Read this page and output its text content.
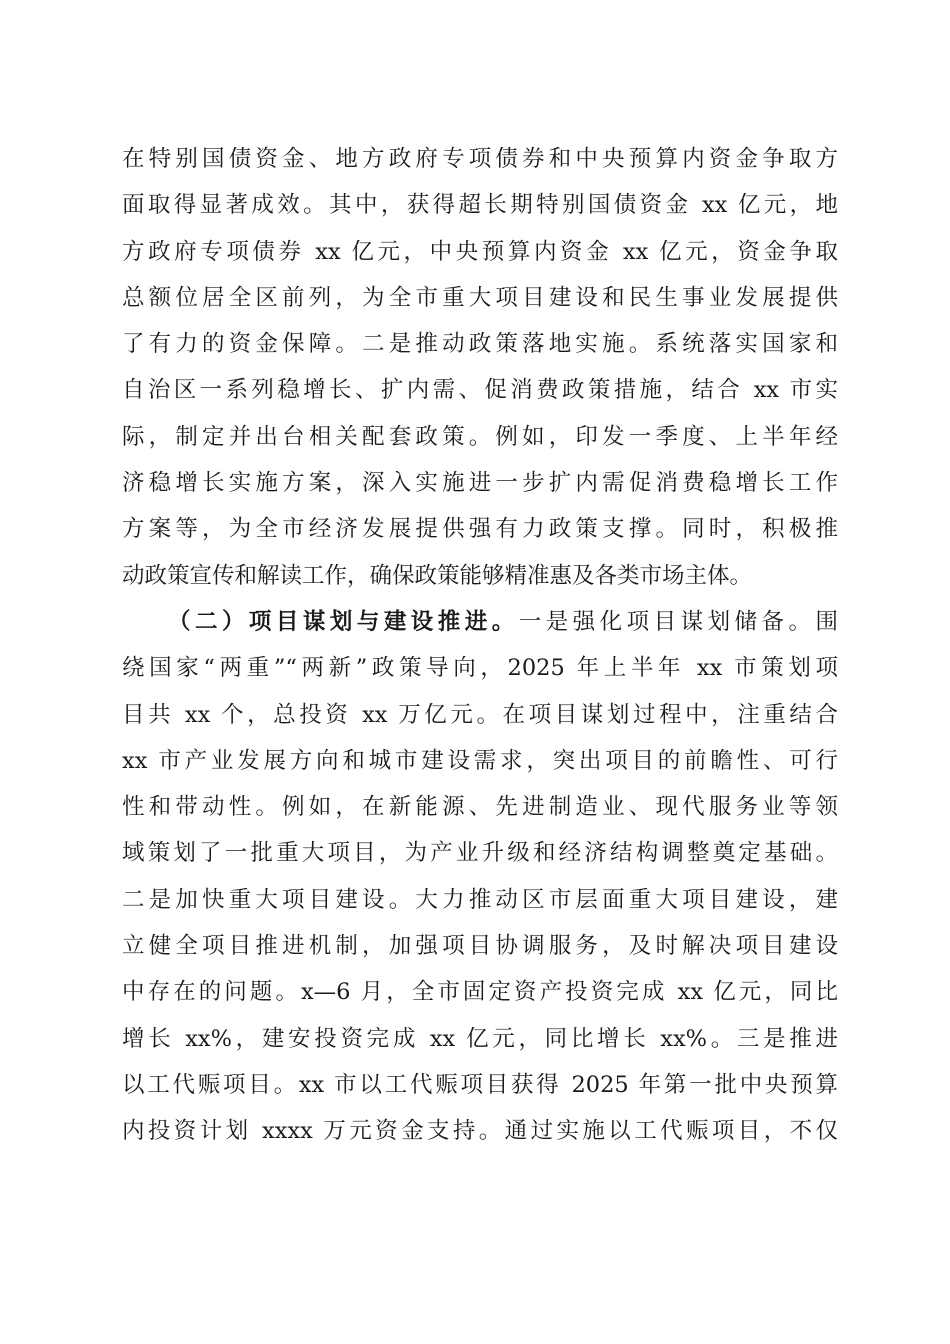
在特别国债资金、地方政府专项债券和中央预算内资金争取方
面取得显著成效。其中，获得超长期特别国债资金 xx 亿元，地
方政府专项债券 xx 亿元，中央预算内资金 xx 亿元，资金争取
总额位居全区前列，为全市重大项目建设和民生事业发展提供
了有力的资金保障。二是推动政策落地实施。系统落实国家和
自治区一系列稳增长、扩内需、促消费政策措施，结合 xx 市实
际，制定并出台相关配套政策。例如，印发一季度、上半年经
济稳增长实施方案，深入实施进一步扩内需促消费稳增长工作
方案等，为全市经济发展提供强有力政策支撑。同时，积极推
动政策宣传和解读工作，确保政策能够精准惠及各类市场主体。
（二）项目谋划与建设推进。一是强化项目谋划储备。围
绕国家“两重”“两新”政策导向，2025 年上半年 xx 市策划项
目共 xx 个，总投资 xx 万亿元。在项目谋划过程中，注重结合
xx 市产业发展方向和城市建设需求，突出项目的前瞻性、可行
性和带动性。例如，在新能源、先进制造业、现代服务业等领
域策划了一批重大项目，为产业升级和经济结构调整奠定基础。
二是加快重大项目建设。大力推动区市层面重大项目建设，建
立健全项目推进机制，加强项目协调服务，及时解决项目建设
中存在的问题。x—6 月，全市固定资产投资完成 xx 亿元，同比
增长 xx%，建安投资完成 xx 亿元，同比增长 xx%。三是推进
以工代赈项目。xx 市以工代赈项目获得 2025 年第一批中央预算
内投资计划 xxxx 万元资金支持。通过实施以工代赈项目，不仅
